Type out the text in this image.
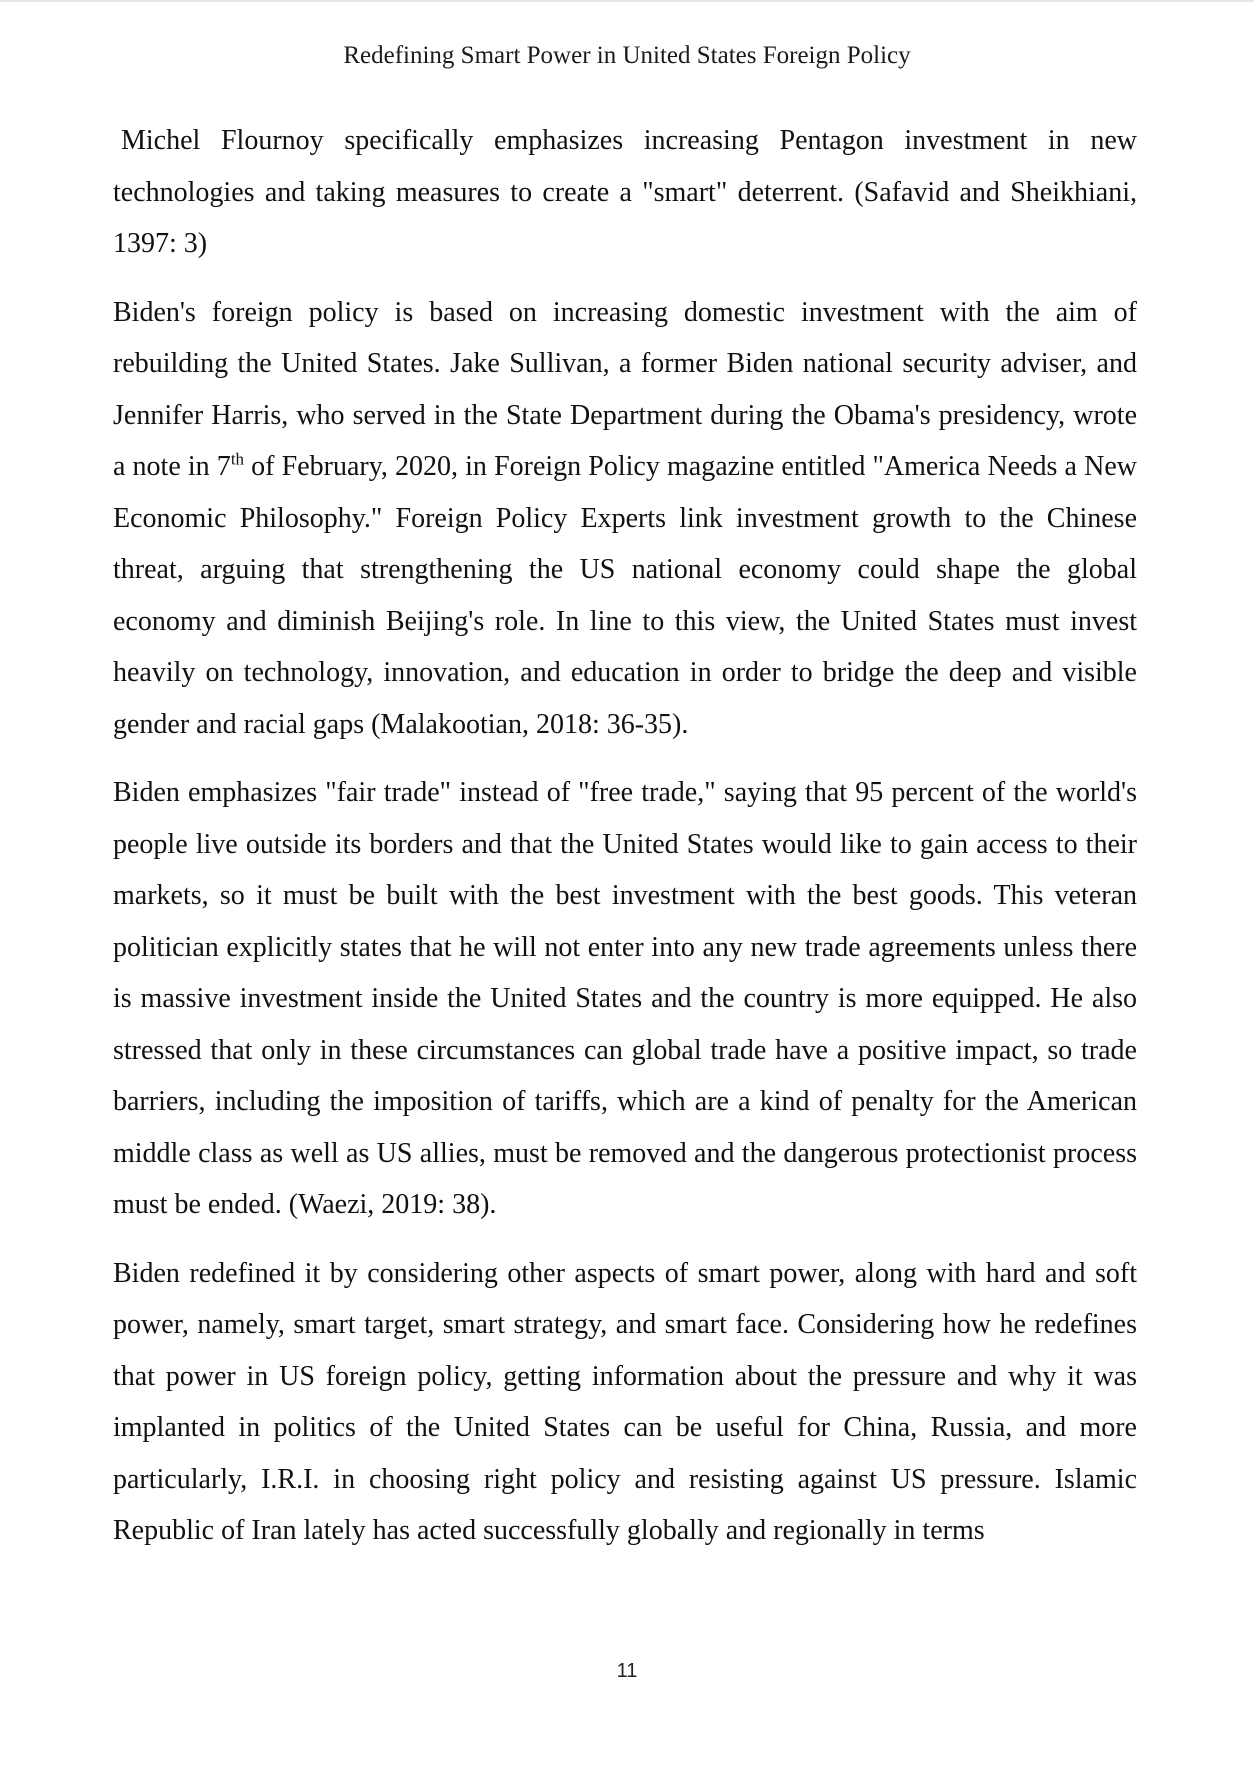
Redefining Smart Power in United States Foreign Policy

Michel Flournoy specifically emphasizes increasing Pentagon investment in new technologies and taking measures to create a "smart" deterrent. (Safavid and Sheikhiani, 1397: 3)

Biden's foreign policy is based on increasing domestic investment with the aim of rebuilding the United States. Jake Sullivan, a former Biden national security adviser, and Jennifer Harris, who served in the State Department during the Obama's presidency, wrote a note in 7th of February, 2020, in Foreign Policy magazine entitled "America Needs a New Economic Philosophy." Foreign Policy Experts link investment growth to the Chinese threat, arguing that strengthening the US national economy could shape the global economy and diminish Beijing's role. In line to this view, the United States must invest heavily on technology, innovation, and education in order to bridge the deep and visible gender and racial gaps (Malakootian, 2018: 36-35).

Biden emphasizes "fair trade" instead of "free trade," saying that 95 percent of the world's people live outside its borders and that the United States would like to gain access to their markets, so it must be built with the best investment with the best goods. This veteran politician explicitly states that he will not enter into any new trade agreements unless there is massive investment inside the United States and the country is more equipped. He also stressed that only in these circumstances can global trade have a positive impact, so trade barriers, including the imposition of tariffs, which are a kind of penalty for the American middle class as well as US allies, must be removed and the dangerous protectionist process must be ended. (Waezi, 2019: 38).

Biden redefined it by considering other aspects of smart power, along with hard and soft power, namely, smart target, smart strategy, and smart face. Considering how he redefines that power in US foreign policy, getting information about the pressure and why it was implanted in politics of the United States can be useful for China, Russia, and more particularly, I.R.I. in choosing right policy and resisting against US pressure. Islamic Republic of Iran lately has acted successfully globally and regionally in terms

11
